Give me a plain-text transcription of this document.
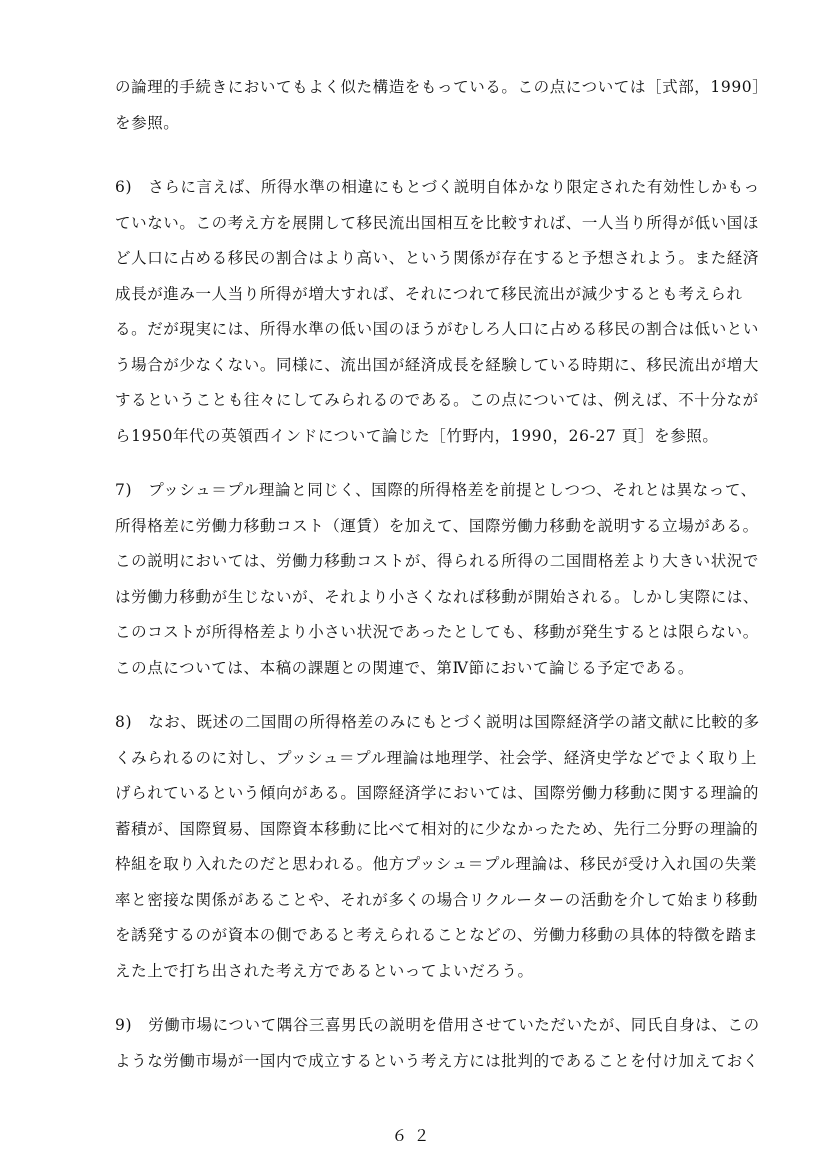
の論理的手続きにおいてもよく似た構造をもっている。この点については［式部，1990］
を参照。
6)　さらに言えば、所得水準の相違にもとづく説明自体かなり限定された有効性しかもっ
ていない。この考え方を展開して移民流出国相互を比較すれば、一人当り所得が低い国ほ
ど人口に占める移民の割合はより高い、という関係が存在すると予想されよう。また経済
成長が進み一人当り所得が増大すれば、それにつれて移民流出が減少するとも考えられ
る。だが現実には、所得水準の低い国のほうがむしろ人口に占める移民の割合は低いとい
う場合が少なくない。同様に、流出国が経済成長を経験している時期に、移民流出が増大
するということも往々にしてみられるのである。この点については、例えば、不十分なが
ら1950年代の英領西インドについて論じた［竹野内，1990，26-27 頁］を参照。
7)　プッシュ＝プル理論と同じく、国際的所得格差を前提としつつ、それとは異なって、
所得格差に労働力移動コスト（運賃）を加えて、国際労働力移動を説明する立場がある。
この説明においては、労働力移動コストが、得られる所得の二国間格差より大きい状況で
は労働力移動が生じないが、それより小さくなれば移動が開始される。しかし実際には、
このコストが所得格差より小さい状況であったとしても、移動が発生するとは限らない。
この点については、本稿の課題との関連で、第Ⅳ節において論じる予定である。
8)　なお、既述の二国間の所得格差のみにもとづく説明は国際経済学の諸文献に比較的多
くみられるのに対し、プッシュ＝プル理論は地理学、社会学、経済史学などでよく取り上
げられているという傾向がある。国際経済学においては、国際労働力移動に関する理論的
蓄積が、国際貿易、国際資本移動に比べて相対的に少なかったため、先行二分野の理論的
枠組を取り入れたのだと思われる。他方プッシュ＝プル理論は、移民が受け入れ国の失業
率と密接な関係があることや、それが多くの場合リクルーターの活動を介して始まり移動
を誘発するのが資本の側であると考えられることなどの、労働力移動の具体的特徴を踏ま
えた上で打ち出された考え方であるといってよいだろう。
9)　労働市場について隅谷三喜男氏の説明を借用させていただいたが、同氏自身は、この
ような労働市場が一国内で成立するという考え方には批判的であることを付け加えておく
６２
